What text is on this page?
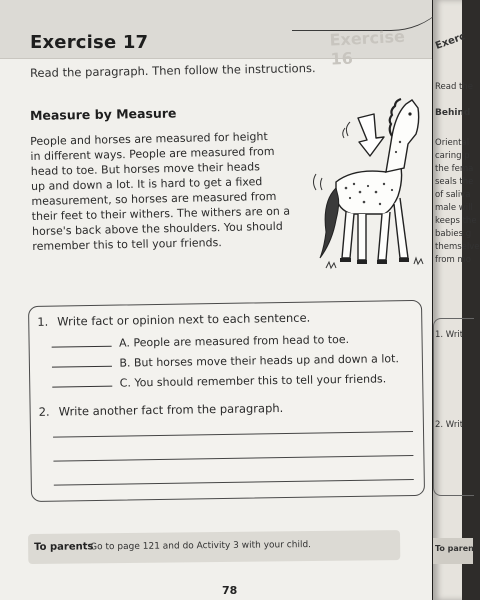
Exercise 16
Exercise 17
Read the paragraph. Then follow the instructions.
Measure by Measure
People and horses are measured for height
in different ways. People are measured from
head to toe. But horses move their heads
up and down a lot. It is hard to get a fixed
measurement, so horses are measured from
their feet to their withers. The withers are on a
horse's back above the shoulders. You should
remember this to tell your friends.
1. Write fact or opinion next to each sentence.
A. People are measured from head to toe.
B. But horses move their heads up and down a lot.
C. You should remember this to tell your friends.
2. Write another fact from the paragraph.
To parents
Go to page 121 and do Activity 3 with your child.
78
Exerc
Read the
Behind
Oriental
caring p
the fema
seals the
of saliva
male will
keeps the
babies g
themselve
from mo
1. Writ
2. Writ
To paren
